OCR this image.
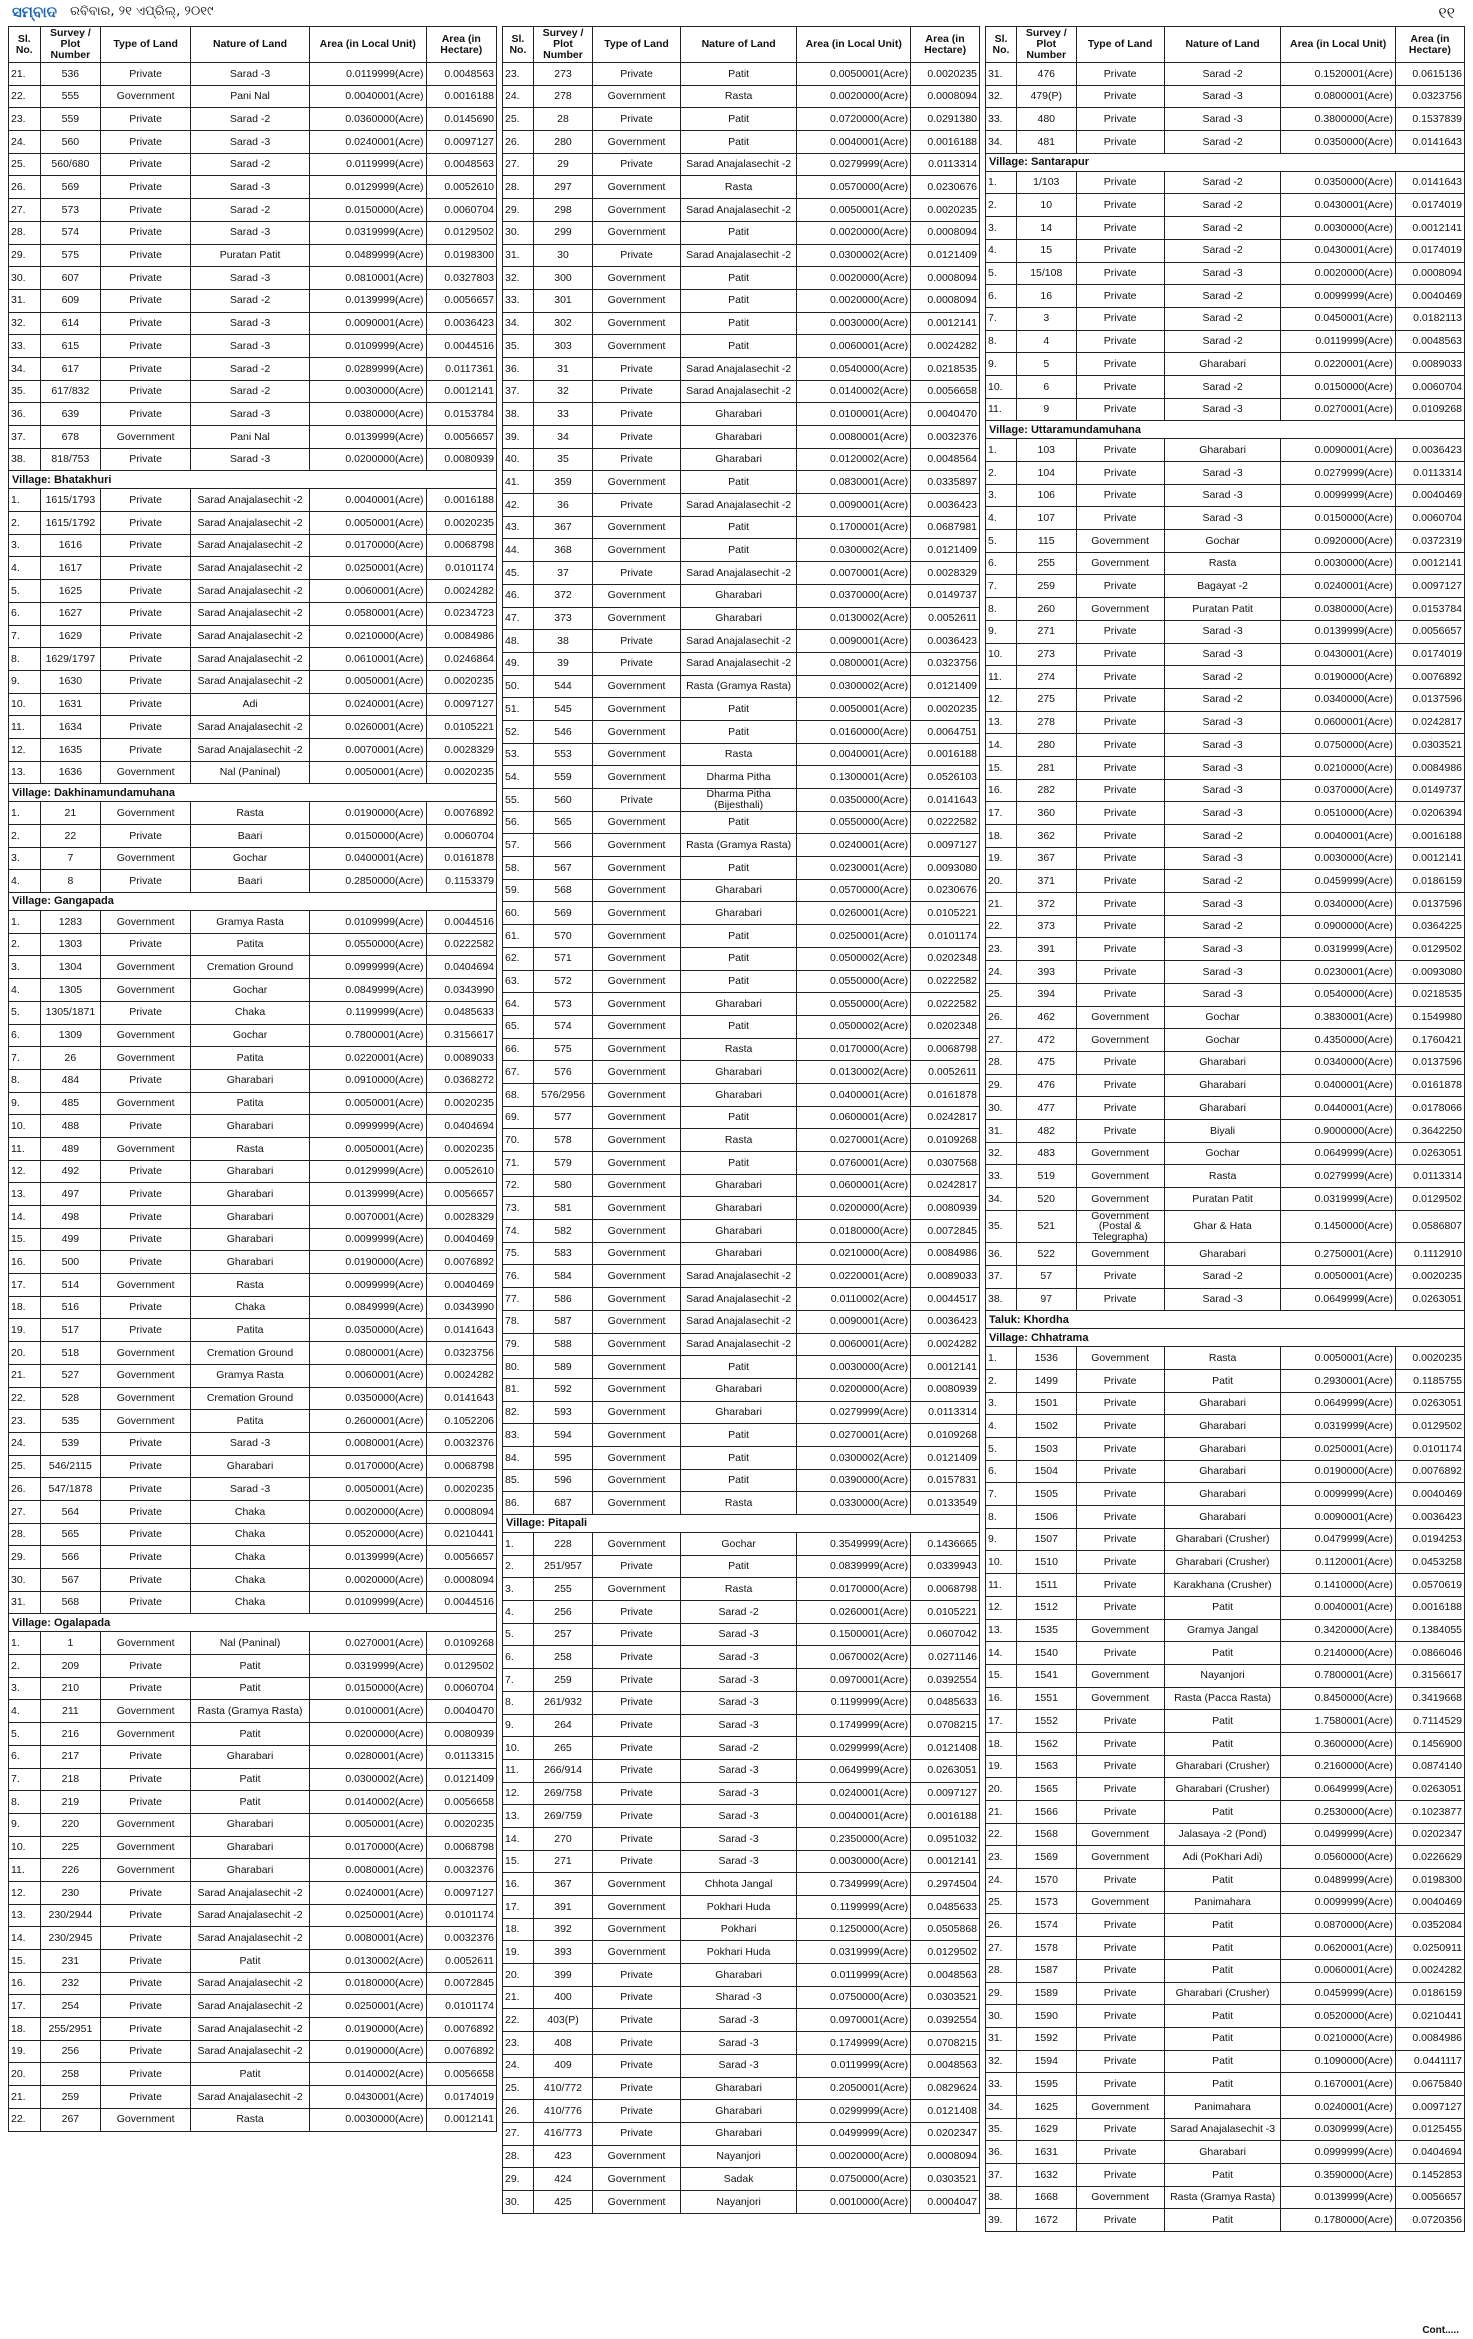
ସମ୍ବାଦ ରବିବାର, ୨୧ ଏପ୍ରିଲ୍, ୨୦୧୯	୧୧
Sl. No.	Survey / Plot Number	Type of Land	Nature of Land	Area (in Local Unit)	Area (in Hectare)
21.	536	Private	Sarad -3	0.0119999(Acre)	0.0048563
22.	555	Government	Pani Nal	0.0040001(Acre)	0.0016188
23.	559	Private	Sarad -2	0.0360000(Acre)	0.0145690
24.	560	Private	Sarad -3	0.0240001(Acre)	0.0097127
25.	560/680	Private	Sarad -2	0.0119999(Acre)	0.0048563
26.	569	Private	Sarad -3	0.0129999(Acre)	0.0052610
27.	573	Private	Sarad -2	0.0150000(Acre)	0.0060704
28.	574	Private	Sarad -3	0.0319999(Acre)	0.0129502
29.	575	Private	Puratan Patit	0.0489999(Acre)	0.0198300
30.	607	Private	Sarad -3	0.0810001(Acre)	0.0327803
31.	609	Private	Sarad -2	0.0139999(Acre)	0.0056657
32.	614	Private	Sarad -3	0.0090001(Acre)	0.0036423
33.	615	Private	Sarad -3	0.0109999(Acre)	0.0044516
34.	617	Private	Sarad -2	0.0289999(Acre)	0.0117361
35.	617/832	Private	Sarad -2	0.0030000(Acre)	0.0012141
36.	639	Private	Sarad -3	0.0380000(Acre)	0.0153784
37.	678	Government	Pani Nal	0.0139999(Acre)	0.0056657
38.	818/753	Private	Sarad -3	0.0200000(Acre)	0.0080939
Village: Bhatakhuri					
1.	1615/1793	Private	Sarad Anajalasechit -2	0.0040001(Acre)	0.0016188
2.	1615/1792	Private	Sarad Anajalasechit -2	0.0050001(Acre)	0.0020235
3.	1616	Private	Sarad Anajalasechit -2	0.0170000(Acre)	0.0068798
4.	1617	Private	Sarad Anajalasechit -2	0.0250001(Acre)	0.0101174
5.	1625	Private	Sarad Anajalasechit -2	0.0060001(Acre)	0.0024282
6.	1627	Private	Sarad Anajalasechit -2	0.0580001(Acre)	0.0234723
7.	1629	Private	Sarad Anajalasechit -2	0.0210000(Acre)	0.0084986
8.	1629/1797	Private	Sarad Anajalasechit -2	0.0610001(Acre)	0.0246864
9.	1630	Private	Sarad Anajalasechit -2	0.0050001(Acre)	0.0020235
10.	1631	Private	Adi	0.0240001(Acre)	0.0097127
11.	1634	Private	Sarad Anajalasechit -2	0.0260001(Acre)	0.0105221
12.	1635	Private	Sarad Anajalasechit -2	0.0070001(Acre)	0.0028329
13.	1636	Government	Nal (Paninal)	0.0050001(Acre)	0.0020235
Village: Dakhinamundamuhana					
1.	21	Government	Rasta	0.0190000(Acre)	0.0076892
2.	22	Private	Baari	0.0150000(Acre)	0.0060704
3.	7	Government	Gochar	0.0400001(Acre)	0.0161878
4.	8	Private	Baari	0.2850000(Acre)	0.1153379
Village: Gangapada					
1.	1283	Government	Gramya Rasta	0.0109999(Acre)	0.0044516
2.	1303	Private	Patita	0.0550000(Acre)	0.0222582
3.	1304	Government	Cremation Ground	0.0999999(Acre)	0.0404694
4.	1305	Government	Gochar	0.0849999(Acre)	0.0343990
5.	1305/1871	Private	Chaka	0.1199999(Acre)	0.0485633
6.	1309	Government	Gochar	0.7800001(Acre)	0.3156617
7.	26	Government	Patita	0.0220001(Acre)	0.0089033
8.	484	Private	Gharabari	0.0910000(Acre)	0.0368272
9.	485	Government	Patita	0.0050001(Acre)	0.0020235
10.	488	Private	Gharabari	0.0999999(Acre)	0.0404694
11.	489	Government	Rasta	0.0050001(Acre)	0.0020235
12.	492	Private	Gharabari	0.0129999(Acre)	0.0052610
13.	497	Private	Gharabari	0.0139999(Acre)	0.0056657
14.	498	Private	Gharabari	0.0070001(Acre)	0.0028329
15.	499	Private	Gharabari	0.0099999(Acre)	0.0040469
16.	500	Private	Gharabari	0.0190000(Acre)	0.0076892
17.	514	Government	Rasta	0.0099999(Acre)	0.0040469
18.	516	Private	Chaka	0.0849999(Acre)	0.0343990
19.	517	Private	Patita	0.0350000(Acre)	0.0141643
20.	518	Government	Cremation Ground	0.0800001(Acre)	0.0323756
21.	527	Government	Gramya Rasta	0.0060001(Acre)	0.0024282
22.	528	Government	Cremation Ground	0.0350000(Acre)	0.0141643
23.	535	Government	Patita	0.2600001(Acre)	0.1052206
24.	539	Private	Sarad -3	0.0080001(Acre)	0.0032376
25.	546/2115	Private	Gharabari	0.0170000(Acre)	0.0068798
26.	547/1878	Private	Sarad -3	0.0050001(Acre)	0.0020235
27.	564	Private	Chaka	0.0020000(Acre)	0.0008094
28.	565	Private	Chaka	0.0520000(Acre)	0.0210441
29.	566	Private	Chaka	0.0139999(Acre)	0.0056657
30.	567	Private	Chaka	0.0020000(Acre)	0.0008094
31.	568	Private	Chaka	0.0109999(Acre)	0.0044516
Village: Ogalapada					
1.	1	Government	Nal (Paninal)	0.0270001(Acre)	0.0109268
2.	209	Private	Patit	0.0319999(Acre)	0.0129502
3.	210	Private	Patit	0.0150000(Acre)	0.0060704
4.	211	Government	Rasta (Gramya Rasta)	0.0100001(Acre)	0.0040470
5.	216	Government	Patit	0.0200000(Acre)	0.0080939
6.	217	Private	Gharabari	0.0280001(Acre)	0.0113315
7.	218	Private	Patit	0.0300002(Acre)	0.0121409
8.	219	Private	Patit	0.0140002(Acre)	0.0056658
9.	220	Government	Gharabari	0.0050001(Acre)	0.0020235
10.	225	Government	Gharabari	0.0170000(Acre)	0.0068798
11.	226	Government	Gharabari	0.0080001(Acre)	0.0032376
12.	230	Private	Sarad Anajalasechit -2	0.0240001(Acre)	0.0097127
13.	230/2944	Private	Sarad Anajalasechit -2	0.0250001(Acre)	0.0101174
14.	230/2945	Private	Sarad Anajalasechit -2	0.0080001(Acre)	0.0032376
15.	231	Private	Patit	0.0130002(Acre)	0.0052611
16.	232	Private	Sarad Anajalasechit -2	0.0180000(Acre)	0.0072845
17.	254	Private	Sarad Anajalasechit -2	0.0250001(Acre)	0.0101174
18.	255/2951	Private	Sarad Anajalasechit -2	0.0190000(Acre)	0.0076892
19.	256	Private	Sarad Anajalasechit -2	0.0190000(Acre)	0.0076892
20.	258	Private	Patit	0.0140002(Acre)	0.0056658
21.	259	Private	Sarad Anajalasechit -2	0.0430001(Acre)	0.0174019
22.	267	Government	Rasta	0.0030000(Acre)	0.0012141
Sl. No.	Survey / Plot Number	Type of Land	Nature of Land	Area (in Local Unit)	Area (in Hectare)
23.	273	Private	Patit	0.0050001(Acre)	0.0020235
24.	278	Government	Rasta	0.0020000(Acre)	0.0008094
25.	28	Private	Patit	0.0720000(Acre)	0.0291380
26.	280	Government	Patit	0.0040001(Acre)	0.0016188
27.	29	Private	Sarad Anajalasechit -2	0.0279999(Acre)	0.0113314
28.	297	Government	Rasta	0.0570000(Acre)	0.0230676
29.	298	Government	Sarad Anajalasechit -2	0.0050001(Acre)	0.0020235
30.	299	Government	Patit	0.0020000(Acre)	0.0008094
31.	30	Private	Sarad Anajalasechit -2	0.0300002(Acre)	0.0121409
32.	300	Government	Patit	0.0020000(Acre)	0.0008094
33.	301	Government	Patit	0.0020000(Acre)	0.0008094
34.	302	Government	Patit	0.0030000(Acre)	0.0012141
35.	303	Government	Patit	0.0060001(Acre)	0.0024282
36.	31	Private	Sarad Anajalasechit -2	0.0540000(Acre)	0.0218535
37.	32	Private	Sarad Anajalasechit -2	0.0140002(Acre)	0.0056658
38.	33	Private	Gharabari	0.0100001(Acre)	0.0040470
39.	34	Private	Gharabari	0.0080001(Acre)	0.0032376
40.	35	Private	Gharabari	0.0120002(Acre)	0.0048564
41.	359	Government	Patit	0.0830001(Acre)	0.0335897
42.	36	Private	Sarad Anajalasechit -2	0.0090001(Acre)	0.0036423
43.	367	Government	Patit	0.1700001(Acre)	0.0687981
44.	368	Government	Patit	0.0300002(Acre)	0.0121409
45.	37	Private	Sarad Anajalasechit -2	0.0070001(Acre)	0.0028329
46.	372	Government	Gharabari	0.0370000(Acre)	0.0149737
47.	373	Government	Gharabari	0.0130002(Acre)	0.0052611
48.	38	Private	Sarad Anajalasechit -2	0.0090001(Acre)	0.0036423
49.	39	Private	Sarad Anajalasechit -2	0.0800001(Acre)	0.0323756
50.	544	Government	Rasta (Gramya Rasta)	0.0300002(Acre)	0.0121409
51.	545	Government	Patit	0.0050001(Acre)	0.0020235
52.	546	Government	Patit	0.0160000(Acre)	0.0064751
53.	553	Government	Rasta	0.0040001(Acre)	0.0016188
54.	559	Government	Dharma Pitha	0.1300001(Acre)	0.0526103
55.	560	Private	Dharma Pitha (Bijesthali)	0.0350000(Acre)	0.0141643
56.	565	Government	Patit	0.0550000(Acre)	0.0222582
57.	566	Government	Rasta (Gramya Rasta)	0.0240001(Acre)	0.0097127
58.	567	Government	Patit	0.0230001(Acre)	0.0093080
59.	568	Government	Gharabari	0.0570000(Acre)	0.0230676
60.	569	Government	Gharabari	0.0260001(Acre)	0.0105221
61.	570	Government	Patit	0.0250001(Acre)	0.0101174
62.	571	Government	Patit	0.0500002(Acre)	0.0202348
63.	572	Government	Patit	0.0550000(Acre)	0.0222582
64.	573	Government	Gharabari	0.0550000(Acre)	0.0222582
65.	574	Government	Patit	0.0500002(Acre)	0.0202348
66.	575	Government	Rasta	0.0170000(Acre)	0.0068798
67.	576	Government	Gharabari	0.0130002(Acre)	0.0052611
68.	576/2956	Government	Gharabari	0.0400001(Acre)	0.0161878
69.	577	Government	Patit	0.0600001(Acre)	0.0242817
70.	578	Government	Rasta	0.0270001(Acre)	0.0109268
71.	579	Government	Patit	0.0760001(Acre)	0.0307568
72.	580	Government	Gharabari	0.0600001(Acre)	0.0242817
73.	581	Government	Gharabari	0.0200000(Acre)	0.0080939
74.	582	Government	Gharabari	0.0180000(Acre)	0.0072845
75.	583	Government	Gharabari	0.0210000(Acre)	0.0084986
76.	584	Government	Sarad Anajalasechit -2	0.0220001(Acre)	0.0089033
77.	586	Government	Sarad Anajalasechit -2	0.0110002(Acre)	0.0044517
78.	587	Government	Sarad Anajalasechit -2	0.0090001(Acre)	0.0036423
79.	588	Government	Sarad Anajalasechit -2	0.0060001(Acre)	0.0024282
80.	589	Government	Patit	0.0030000(Acre)	0.0012141
81.	592	Government	Gharabari	0.0200000(Acre)	0.0080939
82.	593	Government	Gharabari	0.0279999(Acre)	0.0113314
83.	594	Government	Patit	0.0270001(Acre)	0.0109268
84.	595	Government	Patit	0.0300002(Acre)	0.0121409
85.	596	Government	Patit	0.0390000(Acre)	0.0157831
86.	687	Government	Rasta	0.0330000(Acre)	0.0133549
Village: Pitapali					
1.	228	Government	Gochar	0.3549999(Acre)	0.1436665
2.	251/957	Private	Patit	0.0839999(Acre)	0.0339943
3.	255	Government	Rasta	0.0170000(Acre)	0.0068798
4.	256	Private	Sarad -2	0.0260001(Acre)	0.0105221
5.	257	Private	Sarad -3	0.1500001(Acre)	0.0607042
6.	258	Private	Sarad -3	0.0670002(Acre)	0.0271146
7.	259	Private	Sarad -3	0.0970001(Acre)	0.0392554
8.	261/932	Private	Sarad -3	0.1199999(Acre)	0.0485633
9.	264	Private	Sarad -3	0.1749999(Acre)	0.0708215
10.	265	Private	Sarad -2	0.0299999(Acre)	0.0121408
11.	266/914	Private	Sarad -3	0.0649999(Acre)	0.0263051
12.	269/758	Private	Sarad -3	0.0240001(Acre)	0.0097127
13.	269/759	Private	Sarad -3	0.0040001(Acre)	0.0016188
14.	270	Private	Sarad -3	0.2350000(Acre)	0.0951032
15.	271	Private	Sarad -3	0.0030000(Acre)	0.0012141
16.	367	Government	Chhota Jangal	0.7349999(Acre)	0.2974504
17.	391	Government	Pokhari Huda	0.1199999(Acre)	0.0485633
18.	392	Government	Pokhari	0.1250000(Acre)	0.0505868
19.	393	Government	Pokhari Huda	0.0319999(Acre)	0.0129502
20.	399	Private	Gharabari	0.0119999(Acre)	0.0048563
21.	400	Private	Sharad -3	0.0750000(Acre)	0.0303521
22.	403(P)	Private	Sarad -3	0.0970001(Acre)	0.0392554
23.	408	Private	Sarad -3	0.1749999(Acre)	0.0708215
24.	409	Private	Sarad -3	0.0119999(Acre)	0.0048563
25.	410/772	Private	Gharabari	0.2050001(Acre)	0.0829624
26.	410/776	Private	Gharabari	0.0299999(Acre)	0.0121408
27.	416/773	Private	Gharabari	0.0499999(Acre)	0.0202347
28.	423	Government	Nayanjori	0.0020000(Acre)	0.0008094
29.	424	Government	Sadak	0.0750000(Acre)	0.0303521
30.	425	Government	Nayanjori	0.0010000(Acre)	0.0004047
Sl. No.	Survey / Plot Number	Type of Land	Nature of Land	Area (in Local Unit)	Area (in Hectare)
31.	476	Private	Sarad -2	0.1520001(Acre)	0.0615136
32.	479(P)	Private	Sarad -3	0.0800001(Acre)	0.0323756
33.	480	Private	Sarad -3	0.3800000(Acre)	0.1537839
34.	481	Private	Sarad -2	0.0350000(Acre)	0.0141643
Village: Santarapur					
1.	1/103	Private	Sarad -2	0.0350000(Acre)	0.0141643
2.	10	Private	Sarad -2	0.0430001(Acre)	0.0174019
3.	14	Private	Sarad -2	0.0030000(Acre)	0.0012141
4.	15	Private	Sarad -2	0.0430001(Acre)	0.0174019
5.	15/108	Private	Sarad -3	0.0020000(Acre)	0.0008094
6.	16	Private	Sarad -2	0.0099999(Acre)	0.0040469
7.	3	Private	Sarad -2	0.0450001(Acre)	0.0182113
8.	4	Private	Sarad -2	0.0119999(Acre)	0.0048563
9.	5	Private	Gharabari	0.0220001(Acre)	0.0089033
10.	6	Private	Sarad -2	0.0150000(Acre)	0.0060704
11.	9	Private	Sarad -3	0.0270001(Acre)	0.0109268
Village: Uttaramundamuhana					
1.	103	Private	Gharabari	0.0090001(Acre)	0.0036423
2.	104	Private	Sarad -3	0.0279999(Acre)	0.0113314
3.	106	Private	Sarad -3	0.0099999(Acre)	0.0040469
4.	107	Private	Sarad -3	0.0150000(Acre)	0.0060704
5.	115	Government	Gochar	0.0920000(Acre)	0.0372319
6.	255	Government	Rasta	0.0030000(Acre)	0.0012141
7.	259	Private	Bagayat -2	0.0240001(Acre)	0.0097127
8.	260	Government	Puratan Patit	0.0380000(Acre)	0.0153784
9.	271	Private	Sarad -3	0.0139999(Acre)	0.0056657
10.	273	Private	Sarad -3	0.0430001(Acre)	0.0174019
11.	274	Private	Sarad -2	0.0190000(Acre)	0.0076892
12.	275	Private	Sarad -2	0.0340000(Acre)	0.0137596
13.	278	Private	Sarad -3	0.0600001(Acre)	0.0242817
14.	280	Private	Sarad -3	0.0750000(Acre)	0.0303521
15.	281	Private	Sarad -3	0.0210000(Acre)	0.0084986
16.	282	Private	Sarad -3	0.0370000(Acre)	0.0149737
17.	360	Private	Sarad -3	0.0510000(Acre)	0.0206394
18.	362	Private	Sarad -2	0.0040001(Acre)	0.0016188
19.	367	Private	Sarad -3	0.0030000(Acre)	0.0012141
20.	371	Private	Sarad -2	0.0459999(Acre)	0.0186159
21.	372	Private	Sarad -3	0.0340000(Acre)	0.0137596
22.	373	Private	Sarad -2	0.0900000(Acre)	0.0364225
23.	391	Private	Sarad -3	0.0319999(Acre)	0.0129502
24.	393	Private	Sarad -3	0.0230001(Acre)	0.0093080
25.	394	Private	Sarad -3	0.0540000(Acre)	0.0218535
26.	462	Government	Gochar	0.3830001(Acre)	0.1549980
27.	472	Government	Gochar	0.4350000(Acre)	0.1760421
28.	475	Private	Gharabari	0.0340000(Acre)	0.0137596
29.	476	Private	Gharabari	0.0400001(Acre)	0.0161878
30.	477	Private	Gharabari	0.0440001(Acre)	0.0178066
31.	482	Private	Biyali	0.9000000(Acre)	0.3642250
32.	483	Government	Gochar	0.0649999(Acre)	0.0263051
33.	519	Government	Rasta	0.0279999(Acre)	0.0113314
34.	520	Government	Puratan Patit	0.0319999(Acre)	0.0129502
35.	521	Government (Postal & Telegrapha)	Ghar & Hata	0.1450000(Acre)	0.0586807
36.	522	Government	Gharabari	0.2750001(Acre)	0.1112910
37.	57	Private	Sarad -2	0.0050001(Acre)	0.0020235
38.	97	Private	Sarad -3	0.0649999(Acre)	0.0263051
Taluk: Khordha					
Village: Chhatrama					
1.	1536	Government	Rasta	0.0050001(Acre)	0.0020235
2.	1499	Private	Patit	0.2930001(Acre)	0.1185755
3.	1501	Private	Gharabari	0.0649999(Acre)	0.0263051
4.	1502	Private	Gharabari	0.0319999(Acre)	0.0129502
5.	1503	Private	Gharabari	0.0250001(Acre)	0.0101174
6.	1504	Private	Gharabari	0.0190000(Acre)	0.0076892
7.	1505	Private	Gharabari	0.0099999(Acre)	0.0040469
8.	1506	Private	Gharabari	0.0090001(Acre)	0.0036423
9.	1507	Private	Gharabari (Crusher)	0.0479999(Acre)	0.0194253
10.	1510	Private	Gharabari (Crusher)	0.1120001(Acre)	0.0453258
11.	1511	Private	Karakhana (Crusher)	0.1410000(Acre)	0.0570619
12.	1512	Private	Patit	0.0040001(Acre)	0.0016188
13.	1535	Government	Gramya Jangal	0.3420000(Acre)	0.1384055
14.	1540	Private	Patit	0.2140000(Acre)	0.0866046
15.	1541	Government	Nayanjori	0.7800001(Acre)	0.3156617
16.	1551	Government	Rasta (Pacca Rasta)	0.8450000(Acre)	0.3419668
17.	1552	Private	Patit	1.7580001(Acre)	0.7114529
18.	1562	Private	Patit	0.3600000(Acre)	0.1456900
19.	1563	Private	Gharabari (Crusher)	0.2160000(Acre)	0.0874140
20.	1565	Private	Gharabari (Crusher)	0.0649999(Acre)	0.0263051
21.	1566	Private	Patit	0.2530000(Acre)	0.1023877
22.	1568	Government	Jalasaya -2 (Pond)	0.0499999(Acre)	0.0202347
23.	1569	Government	Adi (PoKhari Adi)	0.0560000(Acre)	0.0226629
24.	1570	Private	Patit	0.0489999(Acre)	0.0198300
25.	1573	Government	Panimahara	0.0099999(Acre)	0.0040469
26.	1574	Private	Patit	0.0870000(Acre)	0.0352084
27.	1578	Private	Patit	0.0620001(Acre)	0.0250911
28.	1587	Private	Patit	0.0060001(Acre)	0.0024282
29.	1589	Private	Gharabari (Crusher)	0.0459999(Acre)	0.0186159
30.	1590	Private	Patit	0.0520000(Acre)	0.0210441
31.	1592	Private	Patit	0.0210000(Acre)	0.0084986
32.	1594	Private	Patit	0.1090000(Acre)	0.0441117
33.	1595	Private	Patit	0.1670001(Acre)	0.0675840
34.	1625	Government	Panimahara	0.0240001(Acre)	0.0097127
35.	1629	Private	Sarad Anajalasechit -3	0.0309999(Acre)	0.0125455
36.	1631	Private	Gharabari	0.0999999(Acre)	0.0404694
37.	1632	Private	Patit	0.3590000(Acre)	0.1452853
38.	1668	Government	Rasta (Gramya Rasta)	0.0139999(Acre)	0.0056657
39.	1672	Private	Patit	0.1780000(Acre)	0.0720356
Cont.....
